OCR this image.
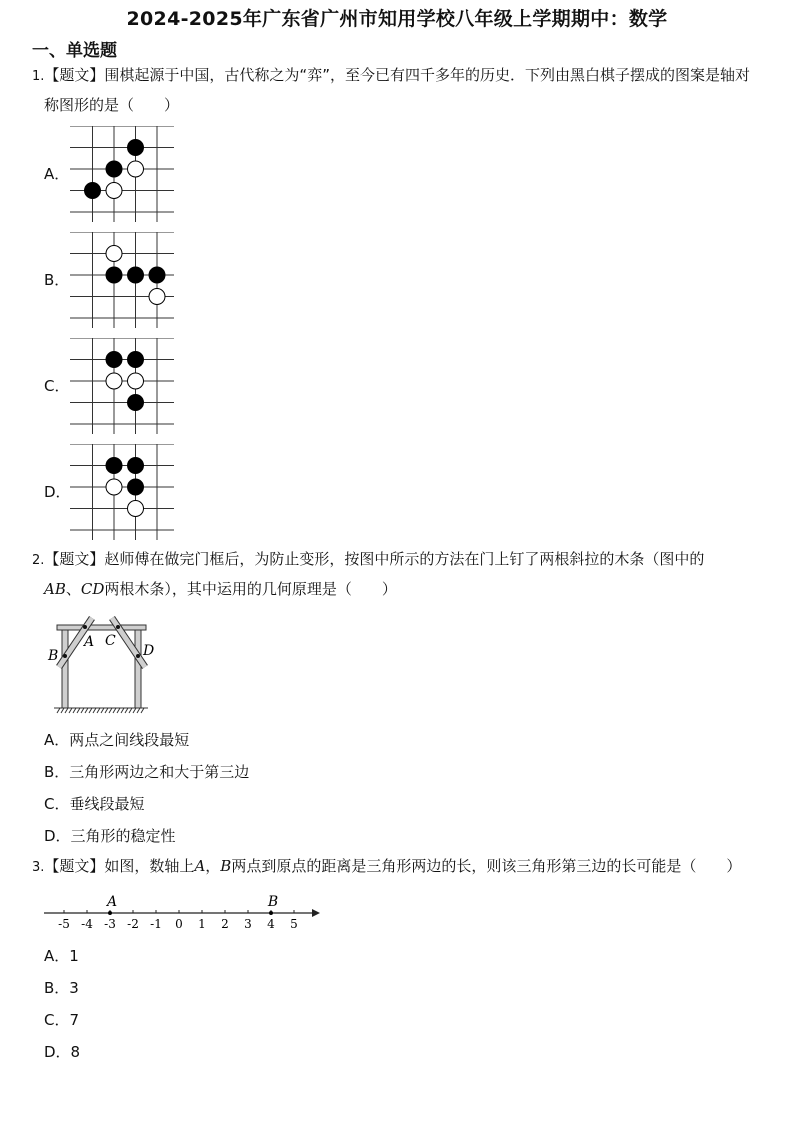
2024-2025年广东省广州市知用学校八年级上学期期中：数学
一、单选题
1.【题文】围棋起源于中国，古代称之为“弈”，至今已有四千多年的历史．下列由黑白棋子摆成的图案是轴对
称图形的是（　　）
A．
B．
C．
D．
2.【题文】赵师傅在做完门框后，为防止变形，按图中所示的方法在门上钉了两根斜拉的木条（图中的
AB、CD两根木条），其中运用的几何原理是（　　）
A
B
C
D
A．两点之间线段最短
B．三角形两边之和大于第三边
C．垂线段最短
D．三角形的稳定性
3.【题文】如图，数轴上A，B两点到原点的距离是三角形两边的长，则该三角形第三边的长可能是（　　）
-5 -4 -3 -2 -1 0 1 2 3 4 5
A	B
A．1
B．3
C．7
D．8
